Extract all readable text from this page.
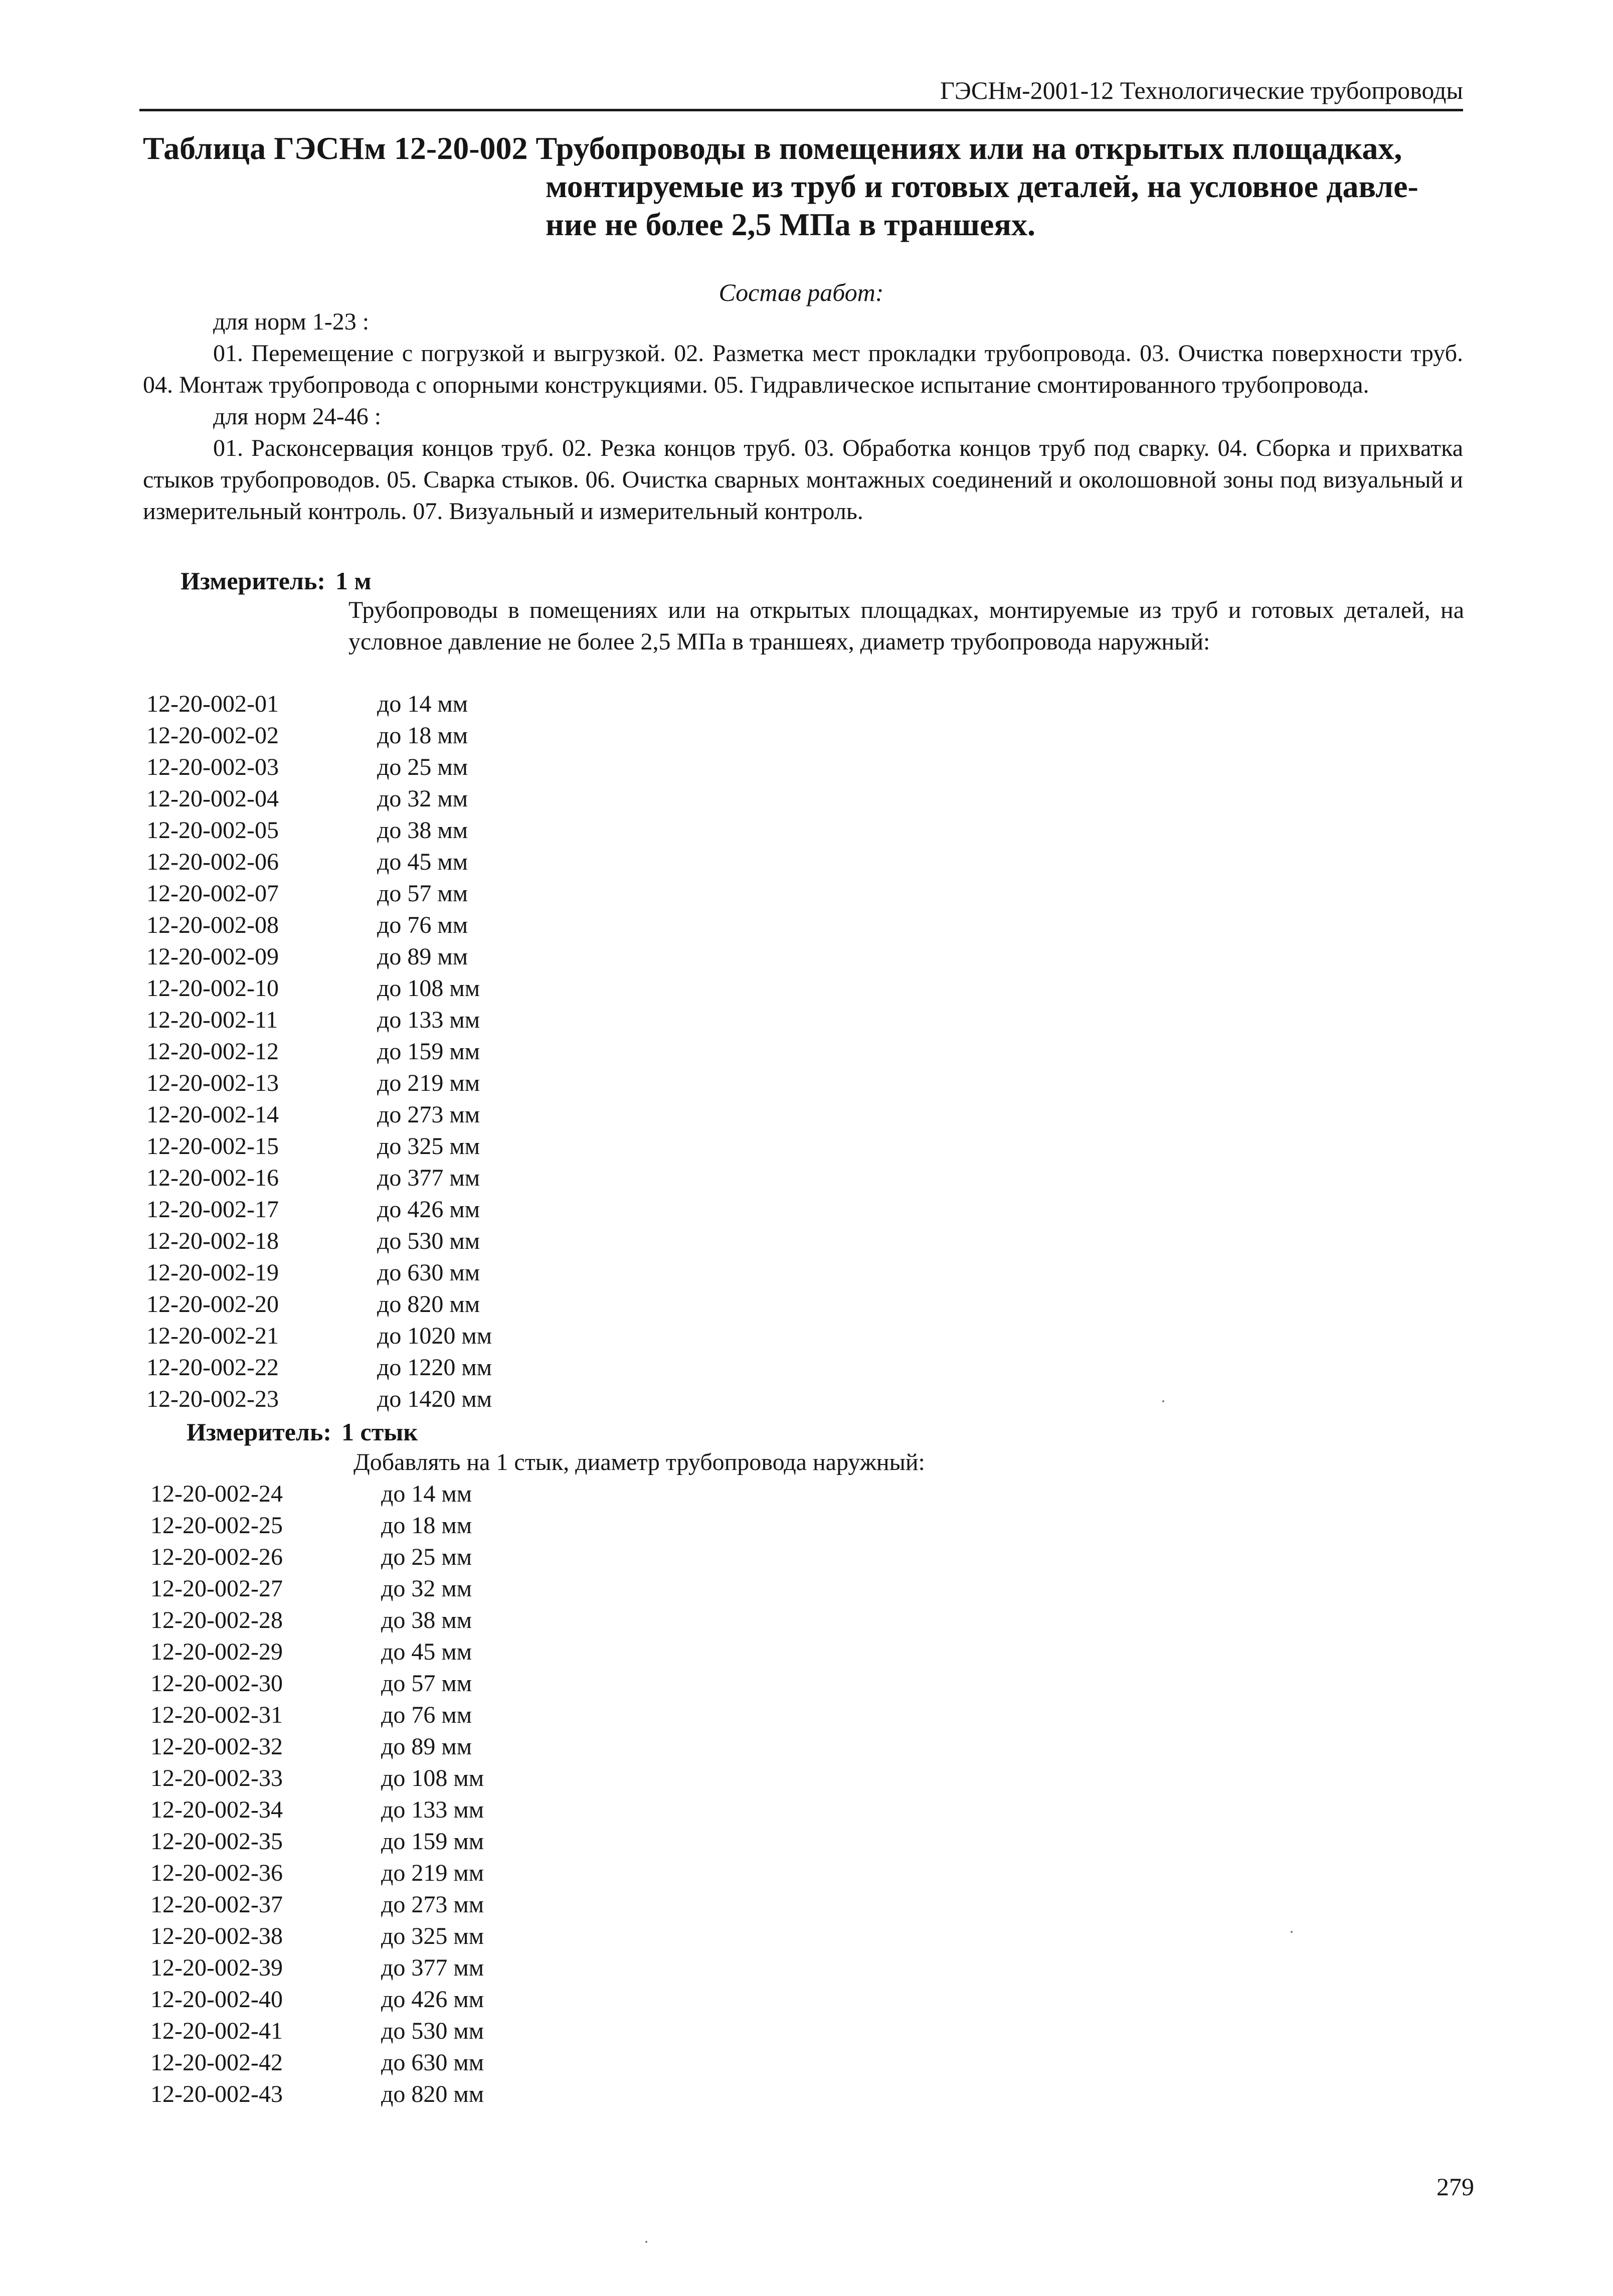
ГЭСНм-2001-12 Технологические трубопроводы
Таблица ГЭСНм 12-20-002 Трубопроводы в помещениях или на открытых площадках,
монтируемые из труб и готовых деталей, на условное давле-
ние не более 2,5 МПа в траншеях.
Состав работ:
для норм 1-23 :
01. Перемещение с погрузкой и выгрузкой. 02. Разметка мест прокладки трубопровода. 03. Очистка поверхности труб. 04. Монтаж трубопровода с опорными конструкциями. 05. Гидравлическое испытание смонтированного трубопровода.
для норм 24-46 :
01. Расконсервация концов труб. 02. Резка концов труб. 03. Обработка концов труб под сварку. 04. Сборка и прихватка стыков трубопроводов. 05. Сварка стыков. 06. Очистка сварных монтажных соединений и околошовной зоны под визуальный и измерительный контроль. 07. Визуальный и измерительный контроль.
Измеритель: 1 м
Трубопроводы в помещениях или на открытых площадках, монтируемые из труб и готовых деталей, на условное давление не более 2,5 МПа в траншеях, диаметр трубопровода наружный:
12-20-002-01	до 14 мм
12-20-002-02	до 18 мм
12-20-002-03	до 25 мм
12-20-002-04	до 32 мм
12-20-002-05	до 38 мм
12-20-002-06	до 45 мм
12-20-002-07	до 57 мм
12-20-002-08	до 76 мм
12-20-002-09	до 89 мм
12-20-002-10	до 108 мм
12-20-002-11	до 133 мм
12-20-002-12	до 159 мм
12-20-002-13	до 219 мм
12-20-002-14	до 273 мм
12-20-002-15	до 325 мм
12-20-002-16	до 377 мм
12-20-002-17	до 426 мм
12-20-002-18	до 530 мм
12-20-002-19	до 630 мм
12-20-002-20	до 820 мм
12-20-002-21	до 1020 мм
12-20-002-22	до 1220 мм
12-20-002-23	до 1420 мм
Измеритель: 1 стык
Добавлять на 1 стык, диаметр трубопровода наружный:
12-20-002-24	до 14 мм
12-20-002-25	до 18 мм
12-20-002-26	до 25 мм
12-20-002-27	до 32 мм
12-20-002-28	до 38 мм
12-20-002-29	до 45 мм
12-20-002-30	до 57 мм
12-20-002-31	до 76 мм
12-20-002-32	до 89 мм
12-20-002-33	до 108 мм
12-20-002-34	до 133 мм
12-20-002-35	до 159 мм
12-20-002-36	до 219 мм
12-20-002-37	до 273 мм
12-20-002-38	до 325 мм
12-20-002-39	до 377 мм
12-20-002-40	до 426 мм
12-20-002-41	до 530 мм
12-20-002-42	до 630 мм
12-20-002-43	до 820 мм
279
